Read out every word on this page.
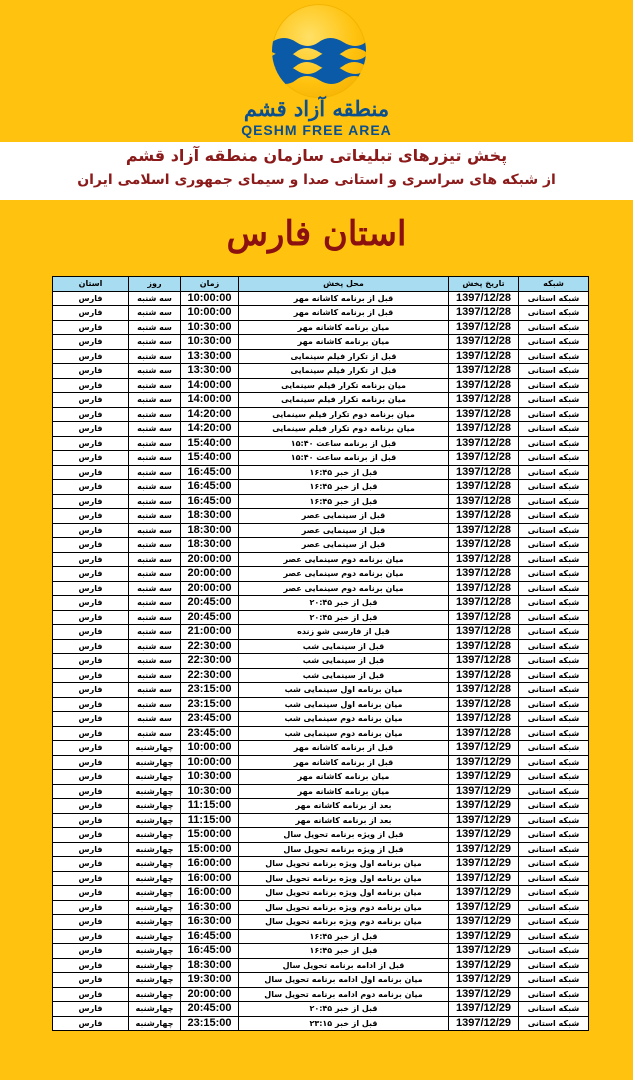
منطقه آزاد قشم
QESHM FREE AREA
پخش تیزرهای تبلیغاتی سازمان منطقه آزاد قشم
از شبکه های سراسری و استانی صدا و سیمای جمهوری اسلامی ایران
استان فارس
استان	روز	زمان	محل پخش	تاریخ پخش	شبکه
فارس	سه شنبه	10:00:00	قبل از برنامه کاشانه مهر	1397/12/28	شبکه استانی
فارس	سه شنبه	10:00:00	قبل از برنامه کاشانه مهر	1397/12/28	شبکه استانی
فارس	سه شنبه	10:30:00	میان برنامه کاشانه مهر	1397/12/28	شبکه استانی
فارس	سه شنبه	10:30:00	میان برنامه کاشانه مهر	1397/12/28	شبکه استانی
فارس	سه شنبه	13:30:00	قبل از تکرار فیلم سینمایی	1397/12/28	شبکه استانی
فارس	سه شنبه	13:30:00	قبل از تکرار فیلم سینمایی	1397/12/28	شبکه استانی
فارس	سه شنبه	14:00:00	میان برنامه تکرار فیلم سینمایی	1397/12/28	شبکه استانی
فارس	سه شنبه	14:00:00	میان برنامه تکرار فیلم سینمایی	1397/12/28	شبکه استانی
فارس	سه شنبه	14:20:00	میان برنامه دوم تکرار فیلم سینمایی	1397/12/28	شبکه استانی
فارس	سه شنبه	14:20:00	میان برنامه دوم تکرار فیلم سینمایی	1397/12/28	شبکه استانی
فارس	سه شنبه	15:40:00	قبل از برنامه ساعت ۱۵:۴۰	1397/12/28	شبکه استانی
فارس	سه شنبه	15:40:00	قبل از برنامه ساعت ۱۵:۴۰	1397/12/28	شبکه استانی
فارس	سه شنبه	16:45:00	قبل از خبر ۱۶:۴۵	1397/12/28	شبکه استانی
فارس	سه شنبه	16:45:00	قبل از خبر ۱۶:۴۵	1397/12/28	شبکه استانی
فارس	سه شنبه	16:45:00	قبل از خبر ۱۶:۴۵	1397/12/28	شبکه استانی
فارس	سه شنبه	18:30:00	قبل از سینمایی عصر	1397/12/28	شبکه استانی
فارس	سه شنبه	18:30:00	قبل از سینمایی عصر	1397/12/28	شبکه استانی
فارس	سه شنبه	18:30:00	قبل از سینمایی عصر	1397/12/28	شبکه استانی
فارس	سه شنبه	20:00:00	میان برنامه دوم سینمایی عصر	1397/12/28	شبکه استانی
فارس	سه شنبه	20:00:00	میان برنامه دوم سینمایی عصر	1397/12/28	شبکه استانی
فارس	سه شنبه	20:00:00	میان برنامه دوم سینمایی عصر	1397/12/28	شبکه استانی
فارس	سه شنبه	20:45:00	قبل از خبر ۲۰:۴۵	1397/12/28	شبکه استانی
فارس	سه شنبه	20:45:00	قبل از خبر ۲۰:۴۵	1397/12/28	شبکه استانی
فارس	سه شنبه	21:00:00	قبل از فارسی شو زنده	1397/12/28	شبکه استانی
فارس	سه شنبه	22:30:00	قبل از سینمایی شب	1397/12/28	شبکه استانی
فارس	سه شنبه	22:30:00	قبل از سینمایی شب	1397/12/28	شبکه استانی
فارس	سه شنبه	22:30:00	قبل از سینمایی شب	1397/12/28	شبکه استانی
فارس	سه شنبه	23:15:00	میان برنامه اول سینمایی شب	1397/12/28	شبکه استانی
فارس	سه شنبه	23:15:00	میان برنامه اول سینمایی شب	1397/12/28	شبکه استانی
فارس	سه شنبه	23:45:00	میان برنامه دوم سینمایی شب	1397/12/28	شبکه استانی
فارس	سه شنبه	23:45:00	میان برنامه دوم سینمایی شب	1397/12/28	شبکه استانی
فارس	چهارشنبه	10:00:00	قبل از برنامه کاشانه مهر	1397/12/29	شبکه استانی
فارس	چهارشنبه	10:00:00	قبل از برنامه کاشانه مهر	1397/12/29	شبکه استانی
فارس	چهارشنبه	10:30:00	میان برنامه کاشانه مهر	1397/12/29	شبکه استانی
فارس	چهارشنبه	10:30:00	میان برنامه کاشانه مهر	1397/12/29	شبکه استانی
فارس	چهارشنبه	11:15:00	بعد از برنامه کاشانه مهر	1397/12/29	شبکه استانی
فارس	چهارشنبه	11:15:00	بعد از برنامه کاشانه مهر	1397/12/29	شبکه استانی
فارس	چهارشنبه	15:00:00	قبل از ویژه برنامه تحویل سال	1397/12/29	شبکه استانی
فارس	چهارشنبه	15:00:00	قبل از ویژه برنامه تحویل سال	1397/12/29	شبکه استانی
فارس	چهارشنبه	16:00:00	میان برنامه اول ویژه برنامه تحویل سال	1397/12/29	شبکه استانی
فارس	چهارشنبه	16:00:00	میان برنامه اول ویژه برنامه تحویل سال	1397/12/29	شبکه استانی
فارس	چهارشنبه	16:00:00	میان برنامه اول ویژه برنامه تحویل سال	1397/12/29	شبکه استانی
فارس	چهارشنبه	16:30:00	میان برنامه دوم ویژه برنامه تحویل سال	1397/12/29	شبکه استانی
فارس	چهارشنبه	16:30:00	میان برنامه دوم ویژه برنامه تحویل سال	1397/12/29	شبکه استانی
فارس	چهارشنبه	16:45:00	قبل از خبر ۱۶:۴۵	1397/12/29	شبکه استانی
فارس	چهارشنبه	16:45:00	قبل از خبر ۱۶:۴۵	1397/12/29	شبکه استانی
فارس	چهارشنبه	18:30:00	قبل از ادامه برنامه تحویل سال	1397/12/29	شبکه استانی
فارس	چهارشنبه	19:30:00	میان برنامه اول ادامه برنامه تحویل سال	1397/12/29	شبکه استانی
فارس	چهارشنبه	20:00:00	میان برنامه دوم ادامه برنامه تحویل سال	1397/12/29	شبکه استانی
فارس	چهارشنبه	20:45:00	قبل از خبر ۲۰:۴۵	1397/12/29	شبکه استانی
فارس	چهارشنبه	23:15:00	قبل از خبر ۲۳:۱۵	1397/12/29	شبکه استانی
